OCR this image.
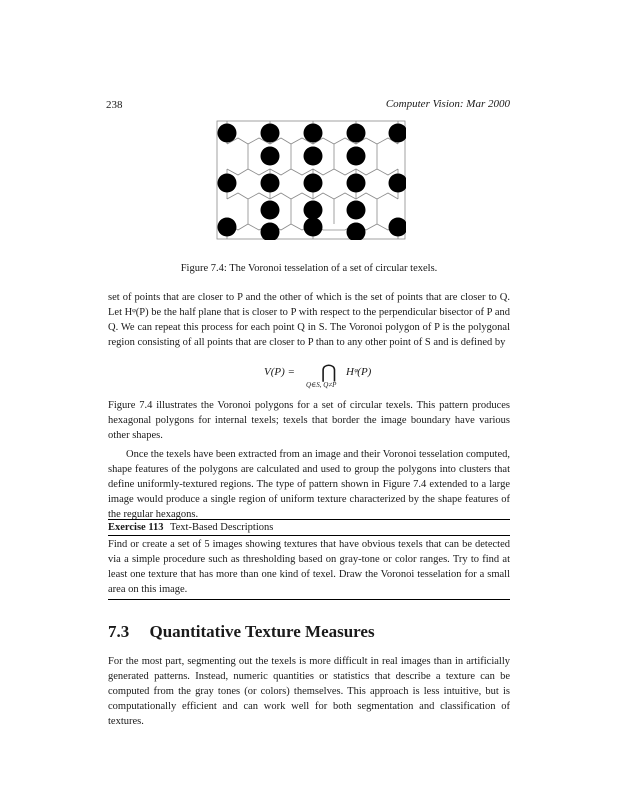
238	Computer Vision: Mar 2000
Figure 7.4: The Voronoi tesselation of a set of circular texels.

set of points that are closer to P and the other of which is the set of points that are closer to Q. Let Hᵠ(P) be the half plane that is closer to P with respect to the perpendicular bisector of P and Q. We can repeat this process for each point Q in S. The Voronoi polygon of P is the polygonal region consisting of all points that are closer to P than to any other point of S and is defined by

V(P) = ⋂
Q∈S, Q≠P
Hᵠ(P)

Figure 7.4 illustrates the Voronoi polygons for a set of circular texels. This pattern produces hexagonal polygons for internal texels; texels that border the image boundary have various other shapes.

Once the texels have been extracted from an image and their Voronoi tesselation computed, shape features of the polygons are calculated and used to group the polygons into clusters that define uniformly-textured regions. The type of pattern shown in Figure 7.4 extended to a large image would produce a single region of uniform texture characterized by the shape features of the regular hexagons.

Exercise 113 Text-Based Descriptions

Find or create a set of 5 images showing textures that have obvious texels that can be detected via a simple procedure such as thresholding based on gray-tone or color ranges. Try to find at least one texture that has more than one kind of texel. Draw the Voronoi tesselation for a small area on this image.

7.3 Quantitative Texture Measures

For the most part, segmenting out the texels is more difficult in real images than in artificially generated patterns. Instead, numeric quantities or statistics that describe a texture can be computed from the gray tones (or colors) themselves. This approach is less intuitive, but is computationally efficient and can work well for both segmentation and classification of textures.
